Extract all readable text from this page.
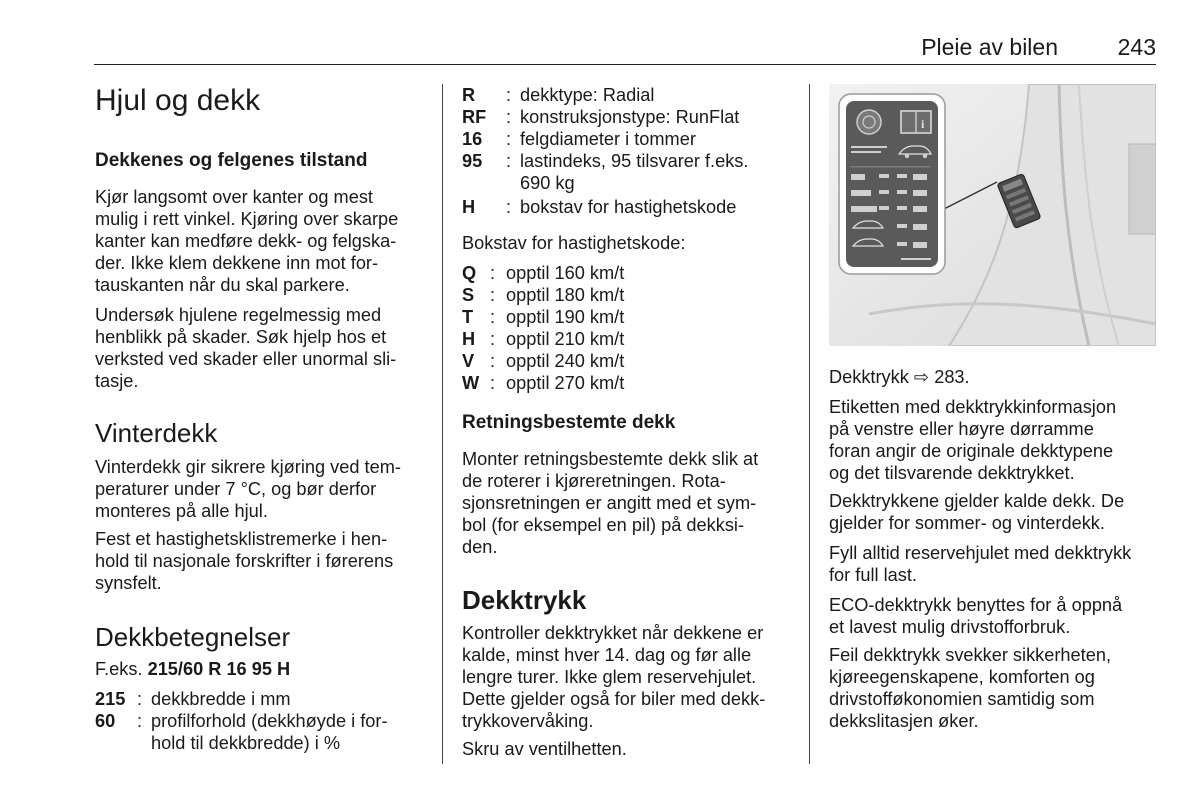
Pleie av bilen	243
Hjul og dekk
Dekkenes og felgenes tilstand
Kjør langsomt over kanter og mest
mulig i rett vinkel. Kjøring over skarpe
kanter kan medføre dekk- og felgska-
der. Ikke klem dekkene inn mot for-
tauskanten når du skal parkere.
Undersøk hjulene regelmessig med
henblikk på skader. Søk hjelp hos et
verksted ved skader eller unormal sli-
tasje.
Vinterdekk
Vinterdekk gir sikrere kjøring ved tem-
peraturer under 7 °C, og bør derfor
monteres på alle hjul.
Fest et hastighetsklistremerke i hen-
hold til nasjonale forskrifter i førerens
synsfelt.
Dekkbetegnelser
F.eks. 215/60 R 16 95 H
215 : dekkbredde i mm
60 : profilforhold (dekkhøyde i for-
hold til dekkbredde) i %
R : dekktype: Radial
RF : konstruksjonstype: RunFlat
16 : felgdiameter i tommer
95 : lastindeks, 95 tilsvarer f.eks.
690 kg
H : bokstav for hastighetskode
Bokstav for hastighetskode:
Q : opptil 160 km/t
S : opptil 180 km/t
T : opptil 190 km/t
H : opptil 210 km/t
V : opptil 240 km/t
W : opptil 270 km/t
Retningsbestemte dekk
Monter retningsbestemte dekk slik at
de roterer i kjøreretningen. Rota-
sjonsretningen er angitt med et sym-
bol (for eksempel en pil) på dekksi-
den.
Dekktrykk
Kontroller dekktrykket når dekkene er
kalde, minst hver 14. dag og før alle
lengre turer. Ikke glem reservehjulet.
Dette gjelder også for biler med dekk-
trykkovervåking.
Skru av ventilhetten.
i
Dekktrykk ⇨ 283.
Etiketten med dekktrykkinformasjon
på venstre eller høyre dørramme
foran angir de originale dekktypene
og det tilsvarende dekktrykket.
Dekktrykkene gjelder kalde dekk. De
gjelder for sommer- og vinterdekk.
Fyll alltid reservehjulet med dekktrykk
for full last.
ECO-dekktrykk benyttes for å oppnå
et lavest mulig drivstofforbruk.
Feil dekktrykk svekker sikkerheten,
kjøreegenskapene, komforten og
drivstofføkonomien samtidig som
dekkslitasjen øker.
